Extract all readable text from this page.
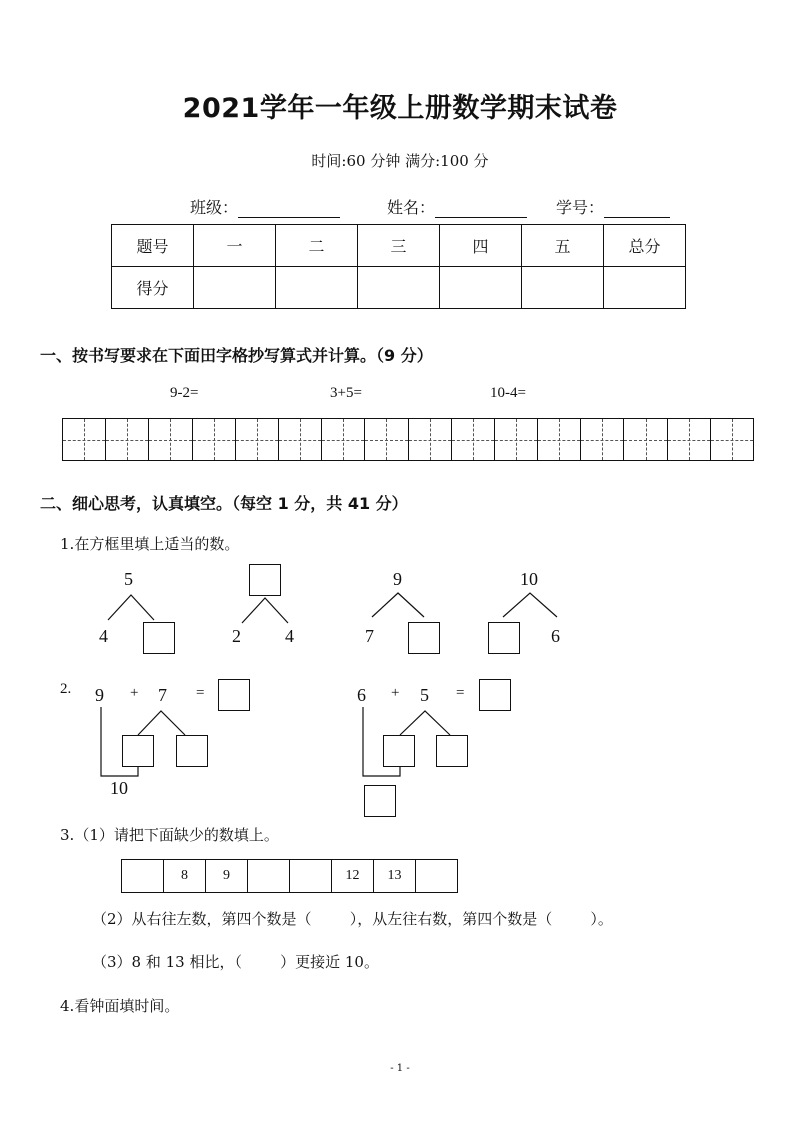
2021学年一年级上册数学期末试卷
时间:60 分钟 满分:100 分
班级：	姓名：	学号：
题号	一	二	三	四	五	总分
得分						
一、按书写要求在下面田字格抄写算式并计算。（9 分）
9-2=	3+5=	10-4=
二、细心思考，认真填空。（每空 1 分，共 41 分）
1.在方框里填上适当的数。
5
4	2 4
9
7
10
6
2. 9 + 7 =
10
6 + 5 =
3.（1）请把下面缺少的数填上。
	8	9			12	13	
（2）从右往左数，第四个数是（        ），从左往右数，第四个数是（        ）。
（3）8 和 13 相比，（        ）更接近 10。
4.看钟面填时间。
- 1 -
